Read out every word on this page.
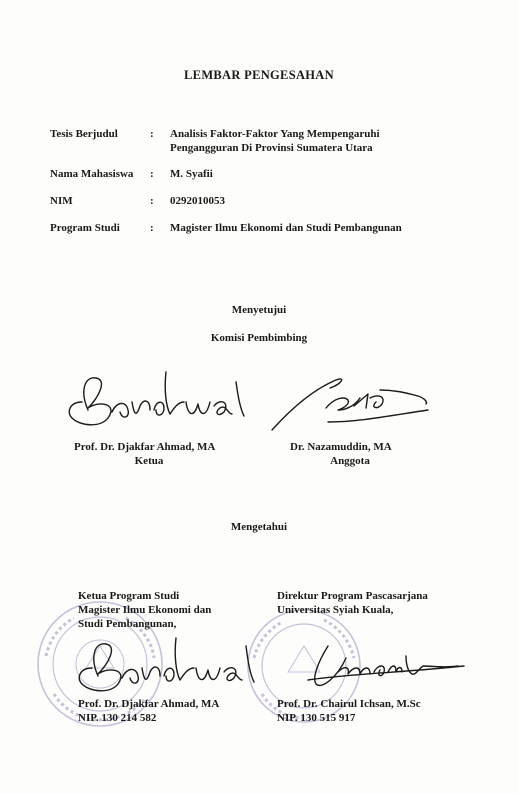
LEMBAR PENGESAHAN
Tesis Berjudul	: Analisis Faktor-Faktor Yang Mempengaruhi
Pengangguran Di Provinsi Sumatera Utara
Nama Mahasiswa : M. Syafii
NIM	: 0292010053
Program Studi	: Magister Ilmu Ekonomi dan Studi Pembangunan
Menyetujui
Komisi Pembimbing
Prof. Dr. Djakfar Ahmad, MA
Ketua
Dr. Nazamuddin, MA
Anggota
Mengetahui
Ketua Program Studi
Magister Ilmu Ekonomi dan
Studi Pembangunan,
Direktur Program Pascasarjana
Universitas Syiah Kuala,
Prof. Dr. Djakfar Ahmad, MA
NIP. 130 214 582
Prof. Dr. Chairul Ichsan, M.Sc
NIP. 130 515 917
